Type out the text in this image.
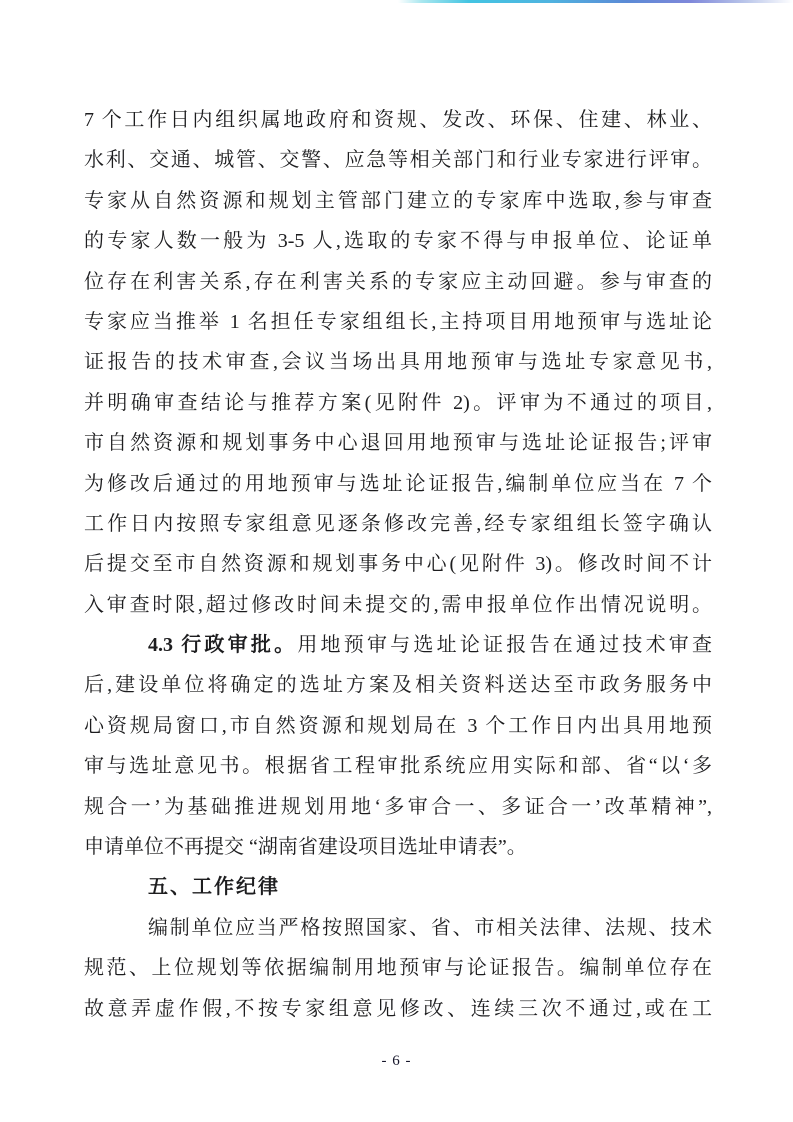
7 个工作日内组织属地政府和资规、发改、环保、住建、林业、
水利、交通、城管、交警、应急等相关部门和行业专家进行评审。
专家从自然资源和规划主管部门建立的专家库中选取,参与审查
的专家人数一般为 3-5 人,选取的专家不得与申报单位、论证单
位存在利害关系,存在利害关系的专家应主动回避。参与审查的
专家应当推举 1 名担任专家组组长,主持项目用地预审与选址论
证报告的技术审查,会议当场出具用地预审与选址专家意见书,
并明确审查结论与推荐方案(见附件 2)。评审为不通过的项目,
市自然资源和规划事务中心退回用地预审与选址论证报告;评审
为修改后通过的用地预审与选址论证报告,编制单位应当在 7 个
工作日内按照专家组意见逐条修改完善,经专家组组长签字确认
后提交至市自然资源和规划事务中心(见附件 3)。修改时间不计
入审查时限,超过修改时间未提交的,需申报单位作出情况说明。
4.3 行政审批。用地预审与选址论证报告在通过技术审查
后,建设单位将确定的选址方案及相关资料送达至市政务服务中
心资规局窗口,市自然资源和规划局在 3 个工作日内出具用地预
审与选址意见书。根据省工程审批系统应用实际和部、省“以‘多
规合一’为基础推进规划用地‘多审合一、多证合一’改革精神”,
申请单位不再提交 “湖南省建设项目选址申请表”。
五、工作纪律
编制单位应当严格按照国家、省、市相关法律、法规、技术
规范、上位规划等依据编制用地预审与论证报告。编制单位存在
故意弄虚作假,不按专家组意见修改、连续三次不通过,或在工
- 6 -
